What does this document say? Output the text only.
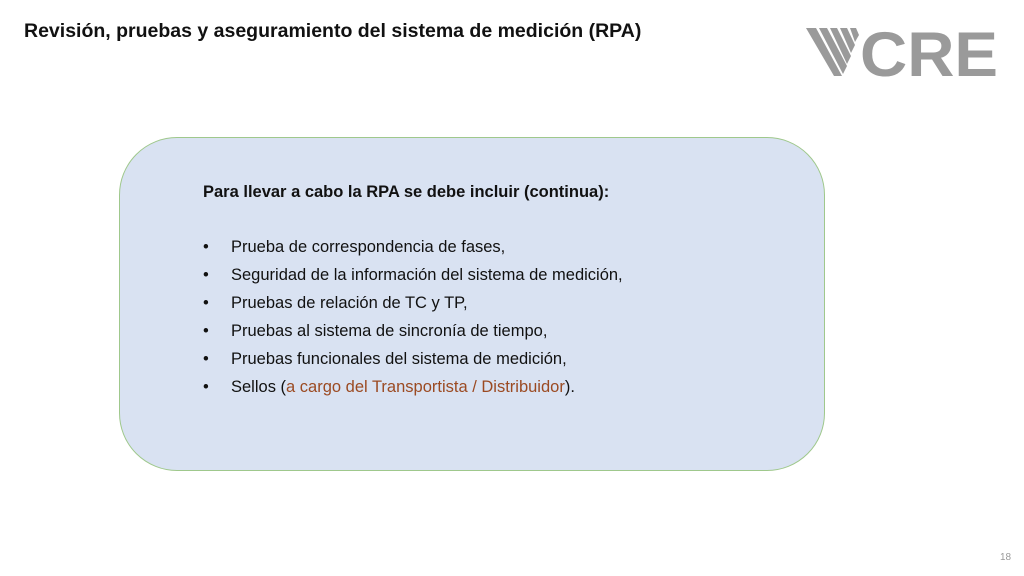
Revisión, pruebas y aseguramiento del sistema de medición (RPA)	CRE
Para llevar a cabo la RPA se debe incluir (continua):
•	Prueba de correspondencia de fases,
•	Seguridad de la información del sistema de medición,
•	Pruebas de relación de TC y TP,
•	Pruebas al sistema de sincronía de tiempo,
•	Pruebas funcionales del sistema de medición,
•	Sellos (a cargo del Transportista / Distribuidor).
18
